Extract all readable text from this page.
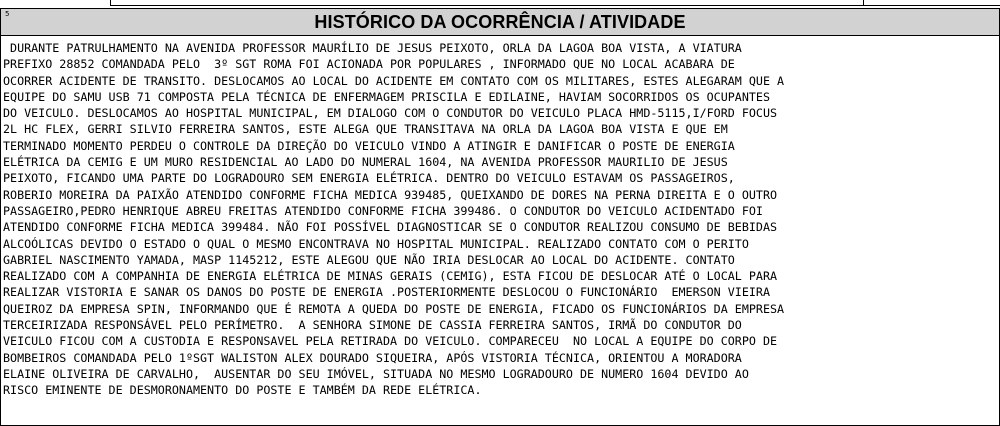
5	HISTÓRICO DA OCORRÊNCIA / ATIVIDADE
DURANTE PATRULHAMENTO NA AVENIDA PROFESSOR MAURÍLIO DE JESUS PEIXOTO, ORLA DA LAGOA BOA VISTA, A VIATURA
PREFIXO 28852 COMANDADA PELO  3º SGT ROMA FOI ACIONADA POR POPULARES , INFORMADO QUE NO LOCAL ACABARA DE
OCORRER ACIDENTE DE TRANSITO. DESLOCAMOS AO LOCAL DO ACIDENTE EM CONTATO COM OS MILITARES, ESTES ALEGARAM QUE A
EQUIPE DO SAMU USB 71 COMPOSTA PELA TÉCNICA DE ENFERMAGEM PRISCILA E EDILAINE, HAVIAM SOCORRIDOS OS OCUPANTES
DO VEICULO. DESLOCAMOS AO HOSPITAL MUNICIPAL, EM DIALOGO COM O CONDUTOR DO VEICULO PLACA HMD-5115,I/FORD FOCUS
2L HC FLEX, GERRI SILVIO FERREIRA SANTOS, ESTE ALEGA QUE TRANSITAVA NA ORLA DA LAGOA BOA VISTA E QUE EM
TERMINADO MOMENTO PERDEU O CONTROLE DA DIREÇÃO DO VEICULO VINDO A ATINGIR E DANIFICAR O POSTE DE ENERGIA
ELÉTRICA DA CEMIG E UM MURO RESIDENCIAL AO LADO DO NUMERAL 1604, NA AVENIDA PROFESSOR MAURILIO DE JESUS
PEIXOTO, FICANDO UMA PARTE DO LOGRADOURO SEM ENERGIA ELÉTRICA. DENTRO DO VEICULO ESTAVAM OS PASSAGEIROS,
ROBERIO MOREIRA DA PAIXÃO ATENDIDO CONFORME FICHA MEDICA 939485, QUEIXANDO DE DORES NA PERNA DIREITA E O OUTRO
PASSAGEIRO,PEDRO HENRIQUE ABREU FREITAS ATENDIDO CONFORME FICHA 399486. O CONDUTOR DO VEICULO ACIDENTADO FOI
ATENDIDO CONFORME FICHA MEDICA 399484. NÃO FOI POSSÍVEL DIAGNOSTICAR SE O CONDUTOR REALIZOU CONSUMO DE BEBIDAS
ALCOÓLICAS DEVIDO O ESTADO O QUAL O MESMO ENCONTRAVA NO HOSPITAL MUNICIPAL. REALIZADO CONTATO COM O PERITO
GABRIEL NASCIMENTO YAMADA, MASP 1145212, ESTE ALEGOU QUE NÃO IRIA DESLOCAR AO LOCAL DO ACIDENTE. CONTATO
REALIZADO COM A COMPANHIA DE ENERGIA ELÉTRICA DE MINAS GERAIS (CEMIG), ESTA FICOU DE DESLOCAR ATÉ O LOCAL PARA
REALIZAR VISTORIA E SANAR OS DANOS DO POSTE DE ENERGIA .POSTERIORMENTE DESLOCOU O FUNCIONÁRIO  EMERSON VIEIRA
QUEIROZ DA EMPRESA SPIN, INFORMANDO QUE É REMOTA A QUEDA DO POSTE DE ENERGIA, FICADO OS FUNCIONÁRIOS DA EMPRESA
TERCEIRIZADA RESPONSÁVEL PELO PERÍMETRO.  A SENHORA SIMONE DE CASSIA FERREIRA SANTOS, IRMÃ DO CONDUTOR DO
VEICULO FICOU COM A CUSTODIA E RESPONSAVEL PELA RETIRADA DO VEICULO. COMPARECEU  NO LOCAL A EQUIPE DO CORPO DE
BOMBEIROS COMANDADA PELO 1ºSGT WALISTON ALEX DOURADO SIQUEIRA, APÓS VISTORIA TÉCNICA, ORIENTOU A MORADORA
ELAINE OLIVEIRA DE CARVALHO,  AUSENTAR DO SEU IMÓVEL, SITUADA NO MESMO LOGRADOURO DE NUMERO 1604 DEVIDO AO
RISCO EMINENTE DE DESMORONAMENTO DO POSTE E TAMBÉM DA REDE ELÉTRICA.
